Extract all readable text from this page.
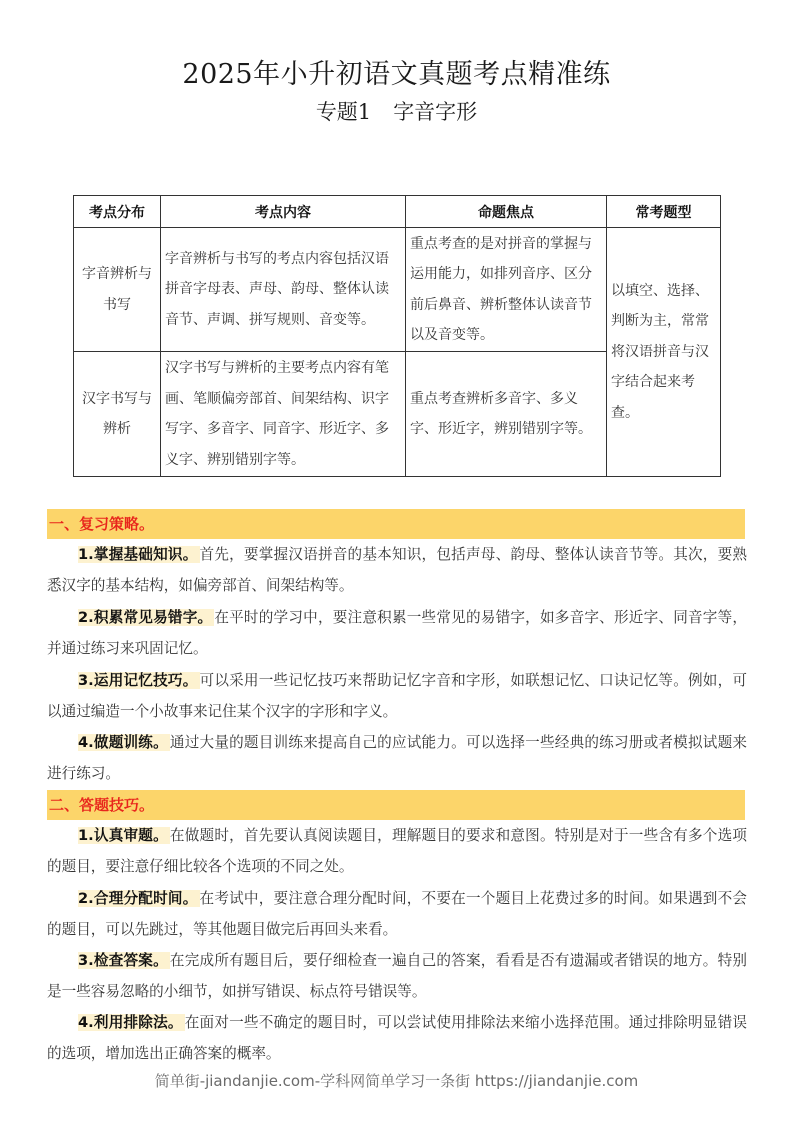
2025年小升初语文真题考点精准练
专题1 字音字形
考点分布	考点内容	命题焦点	常考题型
字音辨析与书写	字音辨析与书写的考点内容包括汉语拼音字母表、声母、韵母、整体认读音节、声调、拼写规则、音变等。	重点考查的是对拼音的掌握与运用能力，如排列音序、区分前后鼻音、辨析整体认读音节以及音变等。	以填空、选择、判断为主，常常将汉语拼音与汉字结合起来考查。
汉字书写与辨析	汉字书写与辨析的主要考点内容有笔画、笔顺偏旁部首、间架结构、识字写字、多音字、同音字、形近字、多义字、辨别错别字等。	重点考查辨析多音字、多义字、形近字，辨别错别字等。	
一、复习策略。
1.掌握基础知识。 首先，要掌握汉语拼音的基本知识，包括声母、韵母、整体认读音节等。其次，要熟悉汉字的基本结构，如偏旁部首、间架结构等。
2.积累常见易错字。 在平时的学习中，要注意积累一些常见的易错字，如多音字、形近字、同音字等，并通过练习来巩固记忆。
3.运用记忆技巧。 可以采用一些记忆技巧来帮助记忆字音和字形，如联想记忆、口诀记忆等。例如，可以通过编造一个小故事来记住某个汉字的字形和字义。
4.做题训练。 通过大量的题目训练来提高自己的应试能力。可以选择一些经典的练习册或者模拟试题来进行练习。
二、答题技巧。
1.认真审题。 在做题时，首先要认真阅读题目，理解题目的要求和意图。特别是对于一些含有多个选项的题目，要注意仔细比较各个选项的不同之处。
2.合理分配时间。 在考试中，要注意合理分配时间，不要在一个题目上花费过多的时间。如果遇到不会的题目，可以先跳过，等其他题目做完后再回头来看。
3.检查答案。 在完成所有题目后，要仔细检查一遍自己的答案，看看是否有遗漏或者错误的地方。特别是一些容易忽略的小细节，如拼写错误、标点符号错误等。
4.利用排除法。 在面对一些不确定的题目时，可以尝试使用排除法来缩小选择范围。通过排除明显错误的选项，增加选出正确答案的概率。
简单街-jiandanjie.com-学科网简单学习一条街 https://jiandanjie.com
